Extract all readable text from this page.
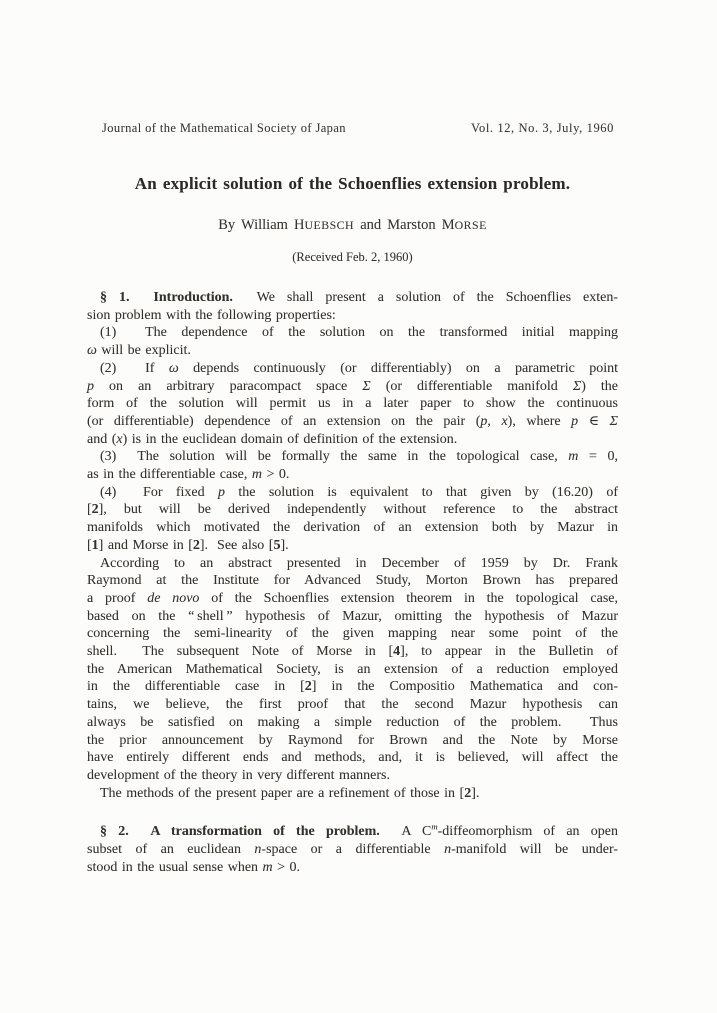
Journal of the Mathematical Society of Japan	Vol. 12, No. 3, July, 1960
An explicit solution of the Schoenflies extension problem.
By William HUEBSCH and Marston MORSE
(Received Feb. 2, 1960)
§ 1.  Introduction.  We shall present a solution of the Schoenflies exten-
sion problem with the following properties:
(1)  The dependence of the solution on the transformed initial mapping
ω will be explicit.
(2)  If ω depends continuously (or differentiably) on a parametric point
p on an arbitrary paracompact space Σ (or differentiable manifold Σ) the
form of the solution will permit us in a later paper to show the continuous
(or differentiable) dependence of an extension on the pair (p, x), where p ∈ Σ
and (x) is in the euclidean domain of definition of the extension.
(3)  The solution will be formally the same in the topological case, m = 0,
as in the differentiable case, m > 0.
(4)  For fixed p the solution is equivalent to that given by (16.20) of
[2], but will be derived independently without reference to the abstract
manifolds which motivated the derivation of an extension both by Mazur in
[1] and Morse in [2].  See also [5].
According to an abstract presented in December of 1959 by Dr. Frank
Raymond at the Institute for Advanced Study, Morton Brown has prepared
a proof de novo of the Schoenflies extension theorem in the topological case,
based on the “ shell ” hypothesis of Mazur, omitting the hypothesis of Mazur
concerning the semi-linearity of the given mapping near some point of the
shell.  The subsequent Note of Morse in [4], to appear in the Bulletin of
the American Mathematical Society, is an extension of a reduction employed
in the differentiable case in [2] in the Compositio Mathematica and con-
tains, we believe, the first proof that the second Mazur hypothesis can
always be satisfied on making a simple reduction of the problem.  Thus
the prior announcement by Raymond for Brown and the Note by Morse
have entirely different ends and methods, and, it is believed, will affect the
development of the theory in very different manners.
The methods of the present paper are a refinement of those in [2].
§ 2.  A transformation of the problem.  A $C^m$-diffeomorphism of an open
subset of an euclidean n-space or a differentiable n-manifold will be under-
stood in the usual sense when m > 0.
